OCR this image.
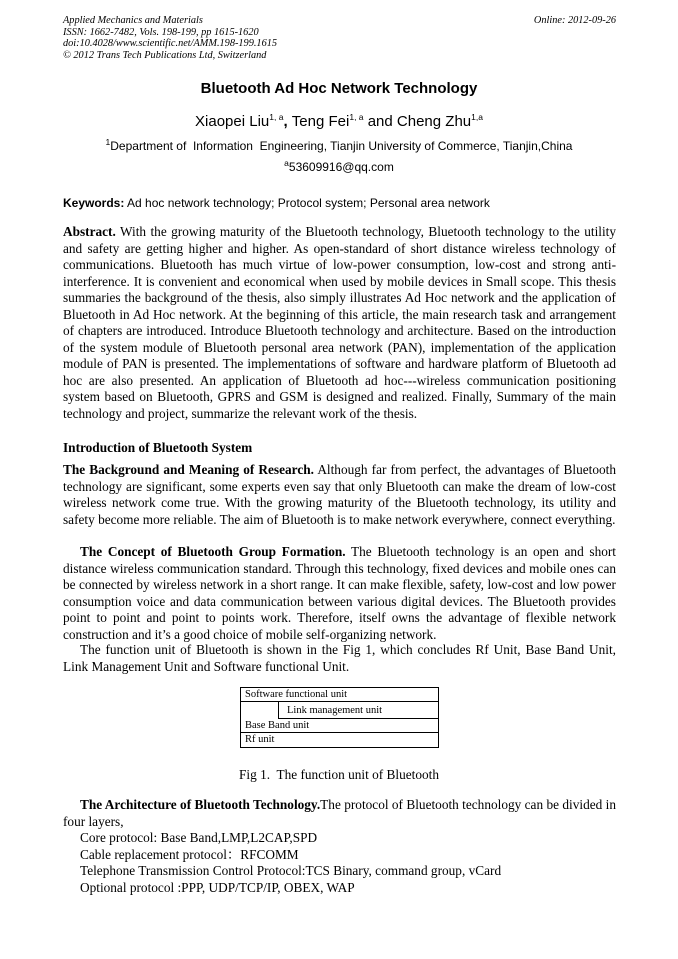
Applied Mechanics and Materials
ISSN: 1662-7482, Vols. 198-199, pp 1615-1620
doi:10.4028/www.scientific.net/AMM.198-199.1615
© 2012 Trans Tech Publications Ltd, Switzerland
Online: 2012-09-26
Bluetooth Ad Hoc Network Technology
Xiaopei Liu$^{1, a}$, Teng Fei$^{1, a}$ and Cheng Zhu$^{1,a}$
$^1$Department of  Information  Engineering, Tianjin University of Commerce, Tianjin,China
$^a$53609916@qq.com
Keywords: Ad hoc network technology; Protocol system; Personal area network
Abstract. With the growing maturity of the Bluetooth technology, Bluetooth technology to the utility and safety are getting higher and higher. As open-standard of short distance wireless technology of communications. Bluetooth has much virtue of low-power consumption, low-cost and strong anti-interference. It is convenient and economical when used by mobile devices in Small scope. This thesis summaries the background of the thesis, also simply illustrates Ad Hoc network and the application of Bluetooth in Ad Hoc network. At the beginning of this article, the main research task and arrangement of chapters are introduced. Introduce Bluetooth technology and architecture. Based on the introduction of the system module of Bluetooth personal area network (PAN), implementation of the application module of PAN is presented. The implementations of software and hardware platform of Bluetooth ad hoc are also presented. An application of Bluetooth ad hoc---wireless communication positioning system based on Bluetooth, GPRS and GSM is designed and realized. Finally, Summary of the main technology and project, summarize the relevant work of the thesis.
Introduction of Bluetooth System
The Background and Meaning of Research. Although far from perfect, the advantages of Bluetooth technology are significant, some experts even say that only Bluetooth can make the dream of low-cost wireless network come true. With the growing maturity of the Bluetooth technology, its utility and safety become more reliable. The aim of Bluetooth is to make network everywhere, connect everything.
The Concept of Bluetooth Group Formation. The Bluetooth technology is an open and short distance wireless communication standard. Through this technology, fixed devices and mobile ones can be connected by wireless network in a short range. It can make flexible, safety, low-cost and low power consumption voice and data communication between various digital devices. The Bluetooth provides point to point and point to points work. Therefore, itself owns the advantage of flexible network construction and it’s a good choice of mobile self-organizing network.
The function unit of Bluetooth is shown in the Fig 1, which concludes Rf Unit, Base Band Unit, Link Management Unit and Software functional Unit.
Software functional unit
Link management unit
Base Band unit
Rf unit
Fig 1.  The function unit of Bluetooth
The Architecture of Bluetooth Technology.The protocol of Bluetooth technology can be divided in four layers,
Core protocol: Base Band,LMP,L2CAP,SPD
Cable replacement protocol：RFCOMM
Telephone Transmission Control Protocol:TCS Binary, command group, vCard
Optional protocol :PPP, UDP/TCP/IP, OBEX, WAP
